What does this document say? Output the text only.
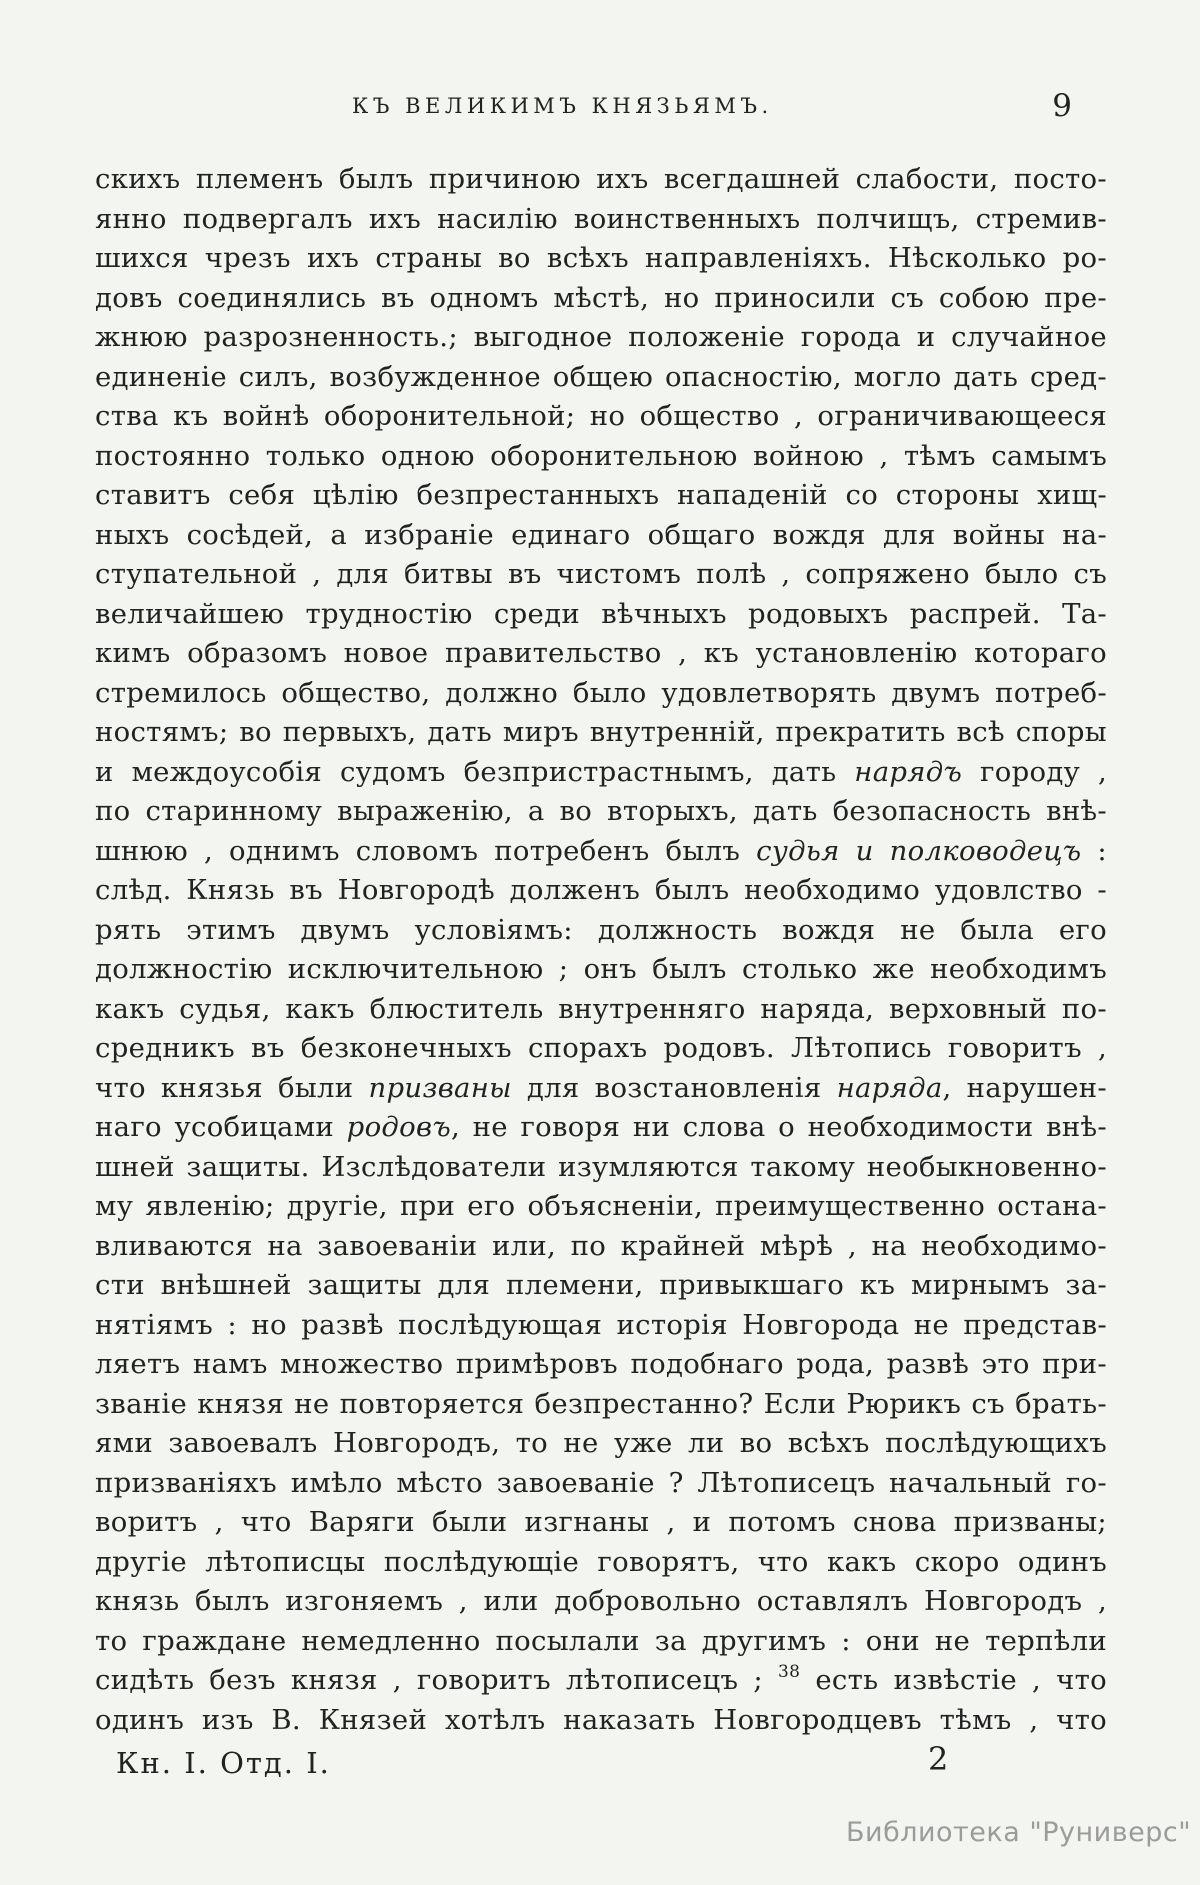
КЪ ВЕЛИКИМЪ КНЯЗЬЯМЪ.	9
скихъ племенъ былъ причиною ихъ всегдашней слабости, посто-
янно подвергалъ ихъ насилію воинственныхъ полчищъ, стремив-
шихся чрезъ ихъ страны во всѣхъ направленіяхъ. Нѣсколько ро-
довъ соединялись въ одномъ мѣстѣ, но приносили съ собою пре-
жнюю разрозненность.; выгодное положеніе города и случайное
единеніе силъ, возбужденное общею опасностію, могло дать сред-
ства къ войнѣ оборонительной; но общество , ограничивающееся
постоянно только одною оборонительною войною , тѣмъ самымъ
ставитъ себя цѣлію безпрестанныхъ нападеній со стороны хищ-
ныхъ сосѣдей, а избраніе единаго общаго вождя для войны на-
ступательной , для битвы въ чистомъ полѣ , сопряжено было съ
величайшею трудностію среди вѣчныхъ родовыхъ распрей. Та-
кимъ образомъ новое правительство , къ установленію котораго
стремилось общество, должно было удовлетворять двумъ потреб-
ностямъ; во первыхъ, дать миръ внутренній, прекратить всѣ споры
и междоусобія судомъ безпристрастнымъ, дать нарядъ городу ,
по старинному выраженію, а во вторыхъ, дать безопасность внѣ-
шнюю , однимъ словомъ потребенъ былъ судья и полководецъ :
слѣд. Князь въ Новгородѣ долженъ былъ необходимо удовлство -
рять этимъ двумъ условіямъ: должность вождя не была его
должностію исключительною ; онъ былъ столько же необходимъ
какъ судья, какъ блюститель внутренняго наряда, верховный по-
средникъ въ безконечныхъ спорахъ родовъ. Лѣтопись говоритъ ,
что князья были призваны для возстановленія наряда, нарушен-
наго усобицами родовъ, не говоря ни слова о необходимости внѣ-
шней защиты. Изслѣдователи изумляются такому необыкновенно-
му явленію; другіе, при его объясненіи, преимущественно остана-
вливаются на завоеваніи или, по крайней мѣрѣ , на необходимо-
сти внѣшней защиты для племени, привыкшаго къ мирнымъ за-
нятіямъ : но развѣ послѣдующая исторія Новгорода не представ-
ляетъ намъ множество примѣровъ подобнаго рода, развѣ это при-
званіе князя не повторяется безпрестанно? Если Рюрикъ съ брать-
ями завоевалъ Новгородъ, то не уже ли во всѣхъ послѣдующихъ
призваніяхъ имѣло мѣсто завоеваніе ? Лѣтописецъ начальный го-
воритъ , что Варяги были изгнаны , и потомъ снова призваны;
другіе лѣтописцы послѣдующіе говорятъ, что какъ скоро одинъ
князь былъ изгоняемъ , или добровольно оставлялъ Новгородъ ,
то граждане немедленно посылали за другимъ : они не терпѣли
сидѣть безъ князя , говоритъ лѣтописецъ ; $^{38}$ есть извѣстіе , что
одинъ изъ В. Князей хотѣлъ наказать Новгородцевъ тѣмъ , что
Кн. I. Отд. I.	2
Библиотека "Руниверс"
